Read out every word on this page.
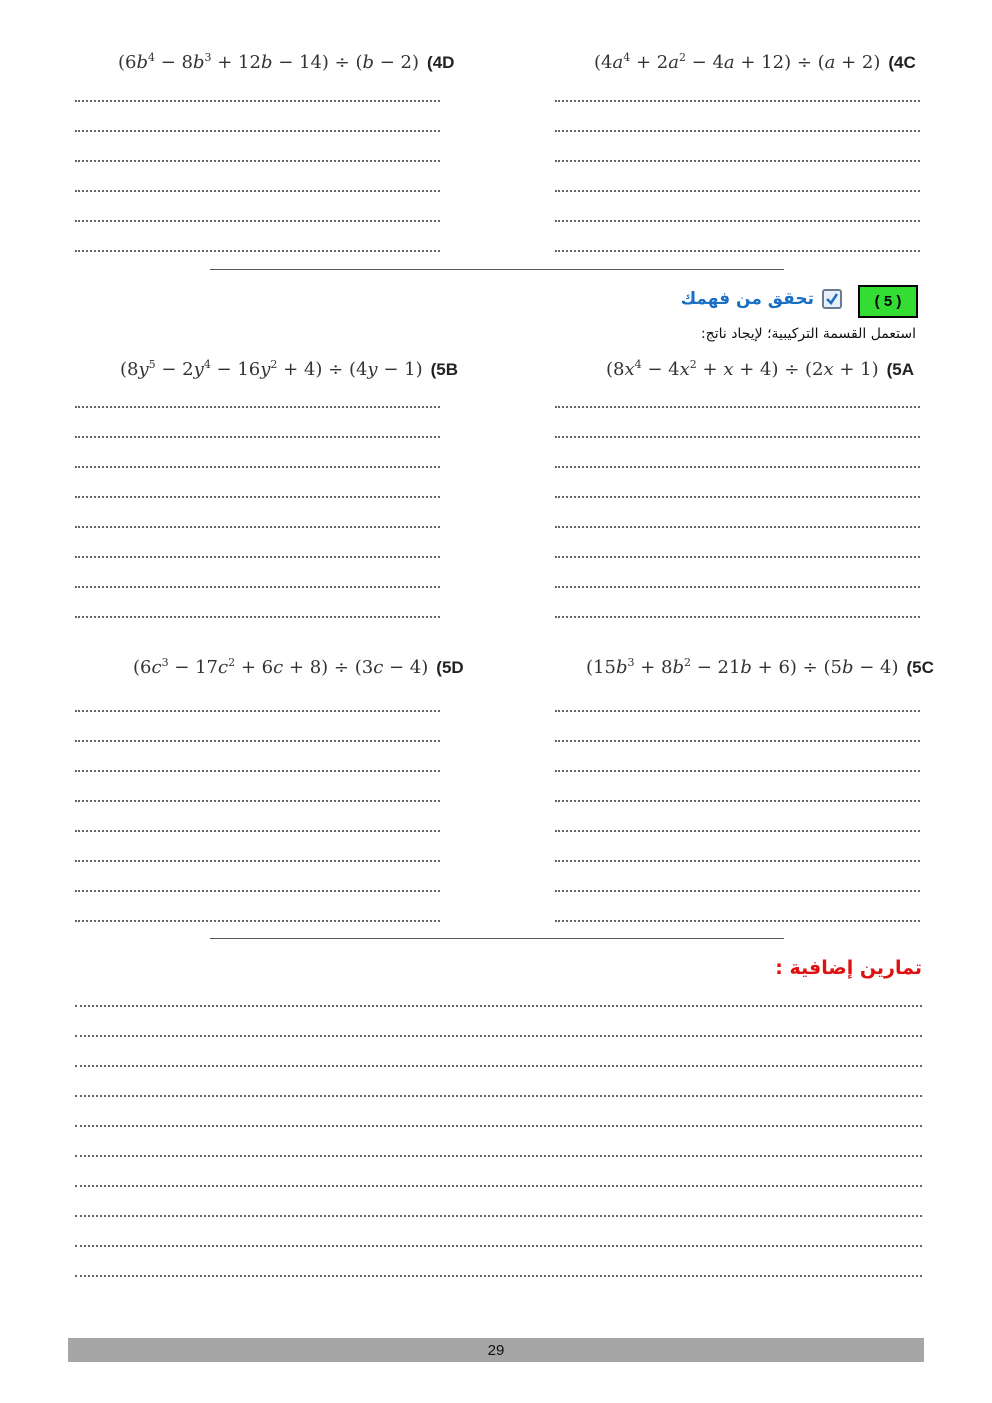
$(6b^4 - 8b^3 + 12b - 14) \div (b - 2)$ (4D	$(4a^4 + 2a^2 - 4a + 12) \div (a + 2)$ (4C
( 5 )
تحقق من فهمك
استعمل القسمة التركيبية؛ لإيجاد ناتج:
$(8y^5 - 2y^4 - 16y^2 + 4) \div (4y - 1)$ (5B	$(8x^4 - 4x^2 + x + 4) \div (2x + 1)$ (5A
$(6c^3 - 17c^2 + 6c + 8) \div (3c - 4)$ (5D	$(15b^3 + 8b^2 - 21b + 6) \div (5b - 4)$ (5C
تمارين إضافية :
29
